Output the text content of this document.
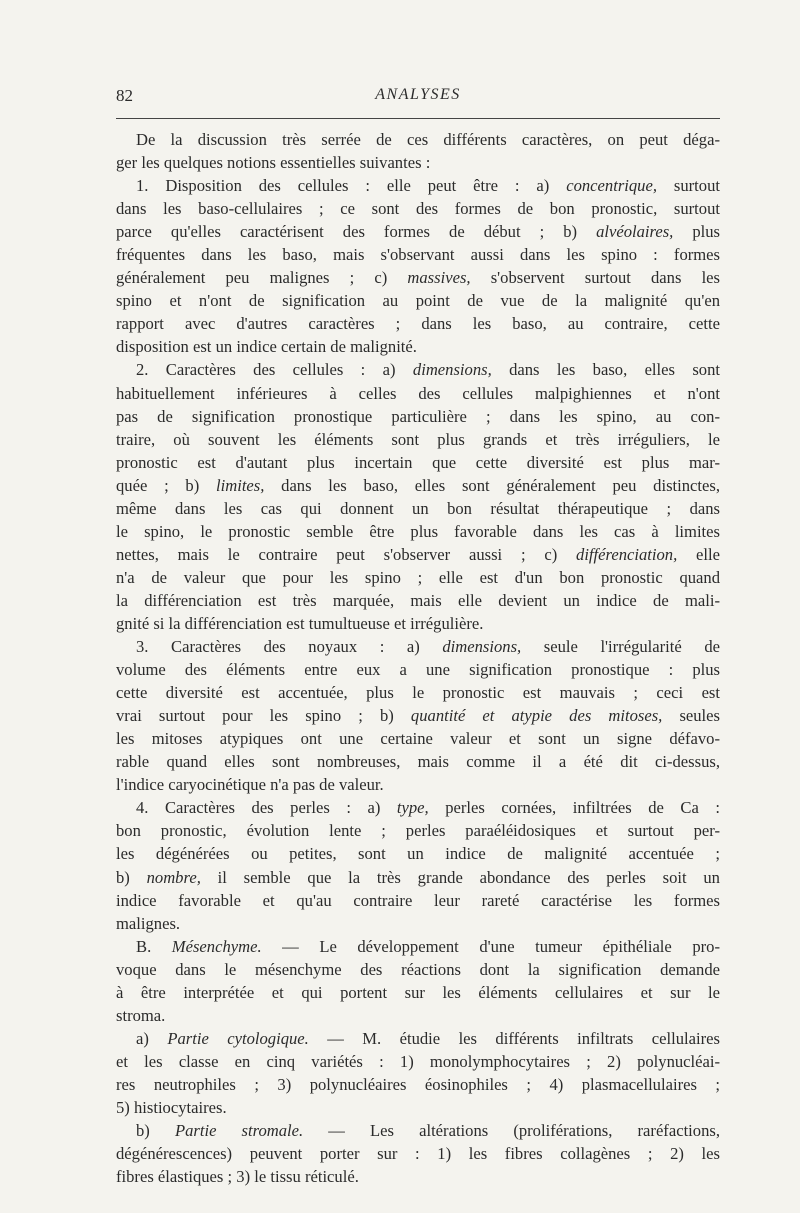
82	ANALYSES
De la discussion très serrée de ces différents caractères, on peut déga-
ger les quelques notions essentielles suivantes :
1. Disposition des cellules : elle peut être : a) concentrique, surtout
dans les baso-cellulaires ; ce sont des formes de bon pronostic, surtout
parce qu'elles caractérisent des formes de début ; b) alvéolaires, plus
fréquentes dans les baso, mais s'observant aussi dans les spino : formes
généralement peu malignes ; c) massives, s'observent surtout dans les
spino et n'ont de signification au point de vue de la malignité qu'en
rapport avec d'autres caractères ; dans les baso, au contraire, cette
disposition est un indice certain de malignité.
2. Caractères des cellules : a) dimensions, dans les baso, elles sont
habituellement inférieures à celles des cellules malpighiennes et n'ont
pas de signification pronostique particulière ; dans les spino, au con-
traire, où souvent les éléments sont plus grands et très irréguliers, le
pronostic est d'autant plus incertain que cette diversité est plus mar-
quée ; b) limites, dans les baso, elles sont généralement peu distinctes,
même dans les cas qui donnent un bon résultat thérapeutique ; dans
le spino, le pronostic semble être plus favorable dans les cas à limites
nettes, mais le contraire peut s'observer aussi ; c) différenciation, elle
n'a de valeur que pour les spino ; elle est d'un bon pronostic quand
la différenciation est très marquée, mais elle devient un indice de mali-
gnité si la différenciation est tumultueuse et irrégulière.
3. Caractères des noyaux : a) dimensions, seule l'irrégularité de
volume des éléments entre eux a une signification pronostique : plus
cette diversité est accentuée, plus le pronostic est mauvais ; ceci est
vrai surtout pour les spino ; b) quantité et atypie des mitoses, seules
les mitoses atypiques ont une certaine valeur et sont un signe défavo-
rable quand elles sont nombreuses, mais comme il a été dit ci-dessus,
l'indice caryocinétique n'a pas de valeur.
4. Caractères des perles : a) type, perles cornées, infiltrées de Ca :
bon pronostic, évolution lente ; perles paraéléidosiques et surtout per-
les dégénérées ou petites, sont un indice de malignité accentuée ;
b) nombre, il semble que la très grande abondance des perles soit un
indice favorable et qu'au contraire leur rareté caractérise les formes
malignes.
B. Mésenchyme. — Le développement d'une tumeur épithéliale pro-
voque dans le mésenchyme des réactions dont la signification demande
à être interprétée et qui portent sur les éléments cellulaires et sur le
stroma.
a) Partie cytologique. — M. étudie les différents infiltrats cellulaires
et les classe en cinq variétés : 1) monolymphocytaires ; 2) polynucléai-
res neutrophiles ; 3) polynucléaires éosinophiles ; 4) plasmacellulaires ;
5) histiocytaires.
b) Partie stromale. — Les altérations (proliférations, raréfactions,
dégénérescences) peuvent porter sur : 1) les fibres collagènes ; 2) les
fibres élastiques ; 3) le tissu réticulé.
